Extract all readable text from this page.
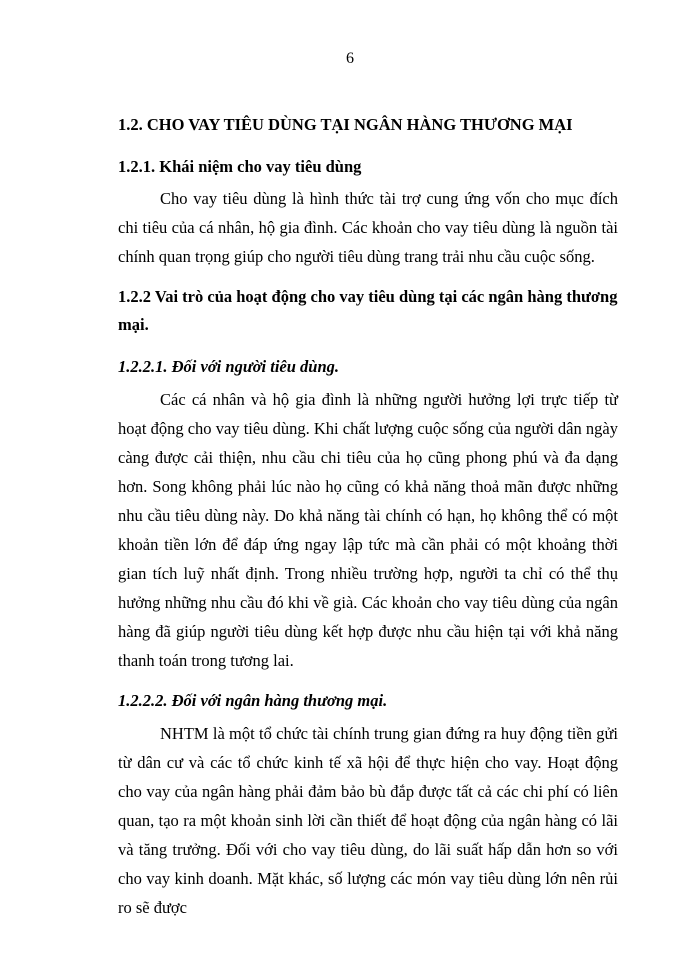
6
1.2. CHO VAY TIÊU DÙNG TẠI NGÂN HÀNG THƯƠNG MẠI
1.2.1. Khái niệm cho vay tiêu dùng

Cho vay tiêu dùng là hình thức tài trợ cung ứng vốn cho mục đích chi tiêu của cá nhân, hộ gia đình. Các khoản cho vay tiêu dùng là nguồn tài chính quan trọng giúp cho người tiêu dùng trang trải nhu cầu cuộc sống.

1.2.2 Vai trò của hoạt động cho vay tiêu dùng tại các ngân hàng thương mại.
1.2.2.1. Đối với người tiêu dùng.

Các cá nhân và hộ gia đình là những người hưởng lợi trực tiếp từ hoạt động cho vay tiêu dùng. Khi chất lượng cuộc sống của người dân ngày càng được cải thiện, nhu cầu chi tiêu của họ cũng phong phú và đa dạng hơn. Song không phải lúc nào họ cũng có khả năng thoả mãn được những nhu cầu tiêu dùng này. Do khả năng tài chính có hạn, họ không thể có một khoản tiền lớn để đáp ứng ngay lập tức mà cần phải có một khoảng thời gian tích luỹ nhất định. Trong nhiều trường hợp, người ta chỉ có thể thụ hưởng những nhu cầu đó khi về già. Các khoản cho vay tiêu dùng của ngân hàng đã giúp người tiêu dùng kết hợp được nhu cầu hiện tại với khả năng thanh toán trong tương lai.

1.2.2.2. Đối với ngân hàng thương mại.

NHTM là một tổ chức tài chính trung gian đứng ra huy động tiền gửi từ dân cư và các tổ chức kinh tế xã hội để thực hiện cho vay. Hoạt động cho vay của ngân hàng phải đảm bảo bù đắp được tất cả các chi phí có liên quan, tạo ra một khoản sinh lời cần thiết để hoạt động của ngân hàng có lãi và tăng trưởng. Đối với cho vay tiêu dùng, do lãi suất hấp dẫn hơn so với cho vay kinh doanh. Mặt khác, số lượng các món vay tiêu dùng lớn nên rủi ro sẽ được
